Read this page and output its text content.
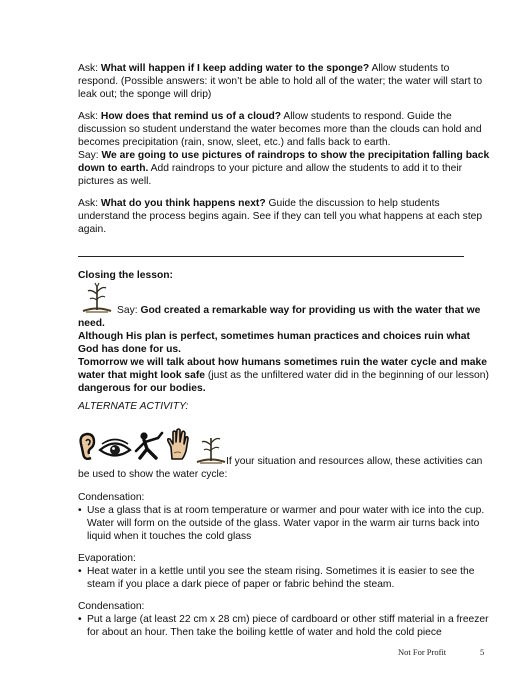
Ask: What will happen if I keep adding water to the sponge? Allow students to respond. (Possible answers: it won’t be able to hold all of the water; the water will start to leak out; the sponge will drip)

Ask: How does that remind us of a cloud? Allow students to respond. Guide the discussion so student understand the water becomes more than the clouds can hold and becomes precipitation (rain, snow, sleet, etc.) and falls back to earth.

Say: We are going to use pictures of raindrops to show the precipitation falling back down to earth. Add raindrops to your picture and allow the students to add it to their pictures as well.

Ask: What do you think happens next? Guide the discussion to help students understand the process begins again. See if they can tell you what happens at each step again.

Closing the lesson:

Say: God created a remarkable way for providing us with the water that we need.
Although His plan is perfect, sometimes human practices and choices ruin what God has done for us.
Tomorrow we will talk about how humans sometimes ruin the water cycle and make water that might look safe (just as the unfiltered water did in the beginning of our lesson) dangerous for our bodies.

ALTERNATE ACTIVITY:

If your situation and resources allow, these activities can be used to show the water cycle:

Condensation:

• Use a glass that is at room temperature or warmer and pour water with ice into the cup. Water will form on the outside of the glass. Water vapor in the warm air turns back into liquid when it touches the cold glass

Evaporation:

• Heat water in a kettle until you see the steam rising. Sometimes it is easier to see the steam if you place a dark piece of paper or fabric behind the steam.

Condensation:

• Put a large (at least 22 cm x 28 cm) piece of cardboard or other stiff material in a freezer for about an hour. Then take the boiling kettle of water and hold the cold piece

Not For Profit	5
